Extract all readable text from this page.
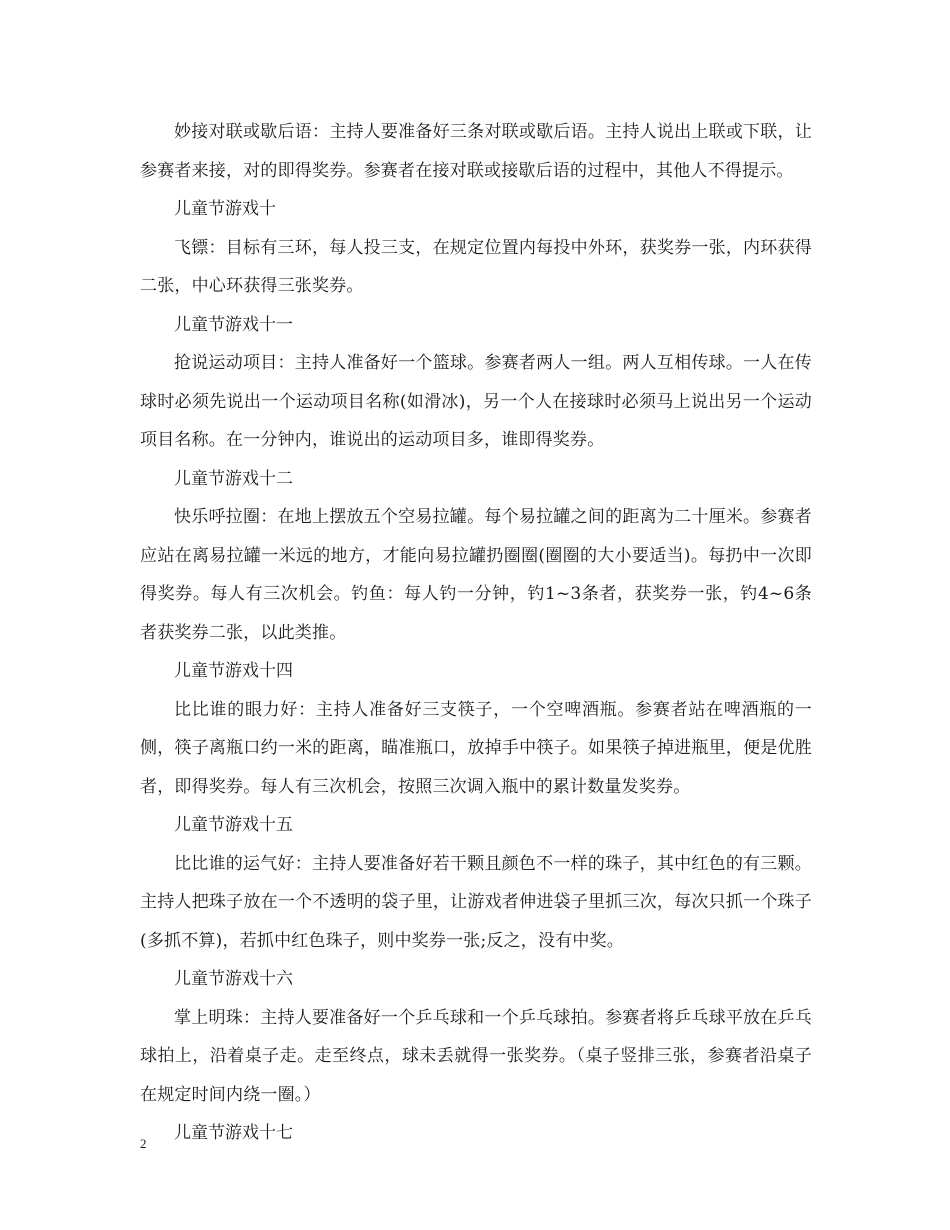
妙接对联或歇后语：主持人要准备好三条对联或歇后语。主持人说出上联或下联，让参赛者来接，对的即得奖券。参赛者在接对联或接歇后语的过程中，其他人不得提示。

儿童节游戏十

飞镖：目标有三环，每人投三支，在规定位置内每投中外环，获奖券一张，内环获得二张，中心环获得三张奖券。

儿童节游戏十一

抢说运动项目：主持人准备好一个篮球。参赛者两人一组。两人互相传球。一人在传球时必须先说出一个运动项目名称(如滑冰)，另一个人在接球时必须马上说出另一个运动项目名称。在一分钟内，谁说出的运动项目多，谁即得奖券。

儿童节游戏十二

快乐呼拉圈：在地上摆放五个空易拉罐。每个易拉罐之间的距离为二十厘米。参赛者应站在离易拉罐一米远的地方，才能向易拉罐扔圈圈(圈圈的大小要适当)。每扔中一次即得奖券。每人有三次机会。钓鱼：每人钓一分钟，钓1~3条者，获奖券一张，钓4~6条者获奖券二张，以此类推。

儿童节游戏十四

比比谁的眼力好：主持人准备好三支筷子，一个空啤酒瓶。参赛者站在啤酒瓶的一侧，筷子离瓶口约一米的距离，瞄准瓶口，放掉手中筷子。如果筷子掉进瓶里，便是优胜者，即得奖券。每人有三次机会，按照三次调入瓶中的累计数量发奖券。

儿童节游戏十五

比比谁的运气好：主持人要准备好若干颗且颜色不一样的珠子，其中红色的有三颗。主持人把珠子放在一个不透明的袋子里，让游戏者伸进袋子里抓三次，每次只抓一个珠子(多抓不算)，若抓中红色珠子，则中奖券一张;反之，没有中奖。

儿童节游戏十六

掌上明珠：主持人要准备好一个乒乓球和一个乒乓球拍。参赛者将乒乓球平放在乒乓球拍上，沿着桌子走。走至终点，球未丢就得一张奖券。（桌子竖排三张，参赛者沿桌子在规定时间内绕一圈。）

儿童节游戏十七

2
